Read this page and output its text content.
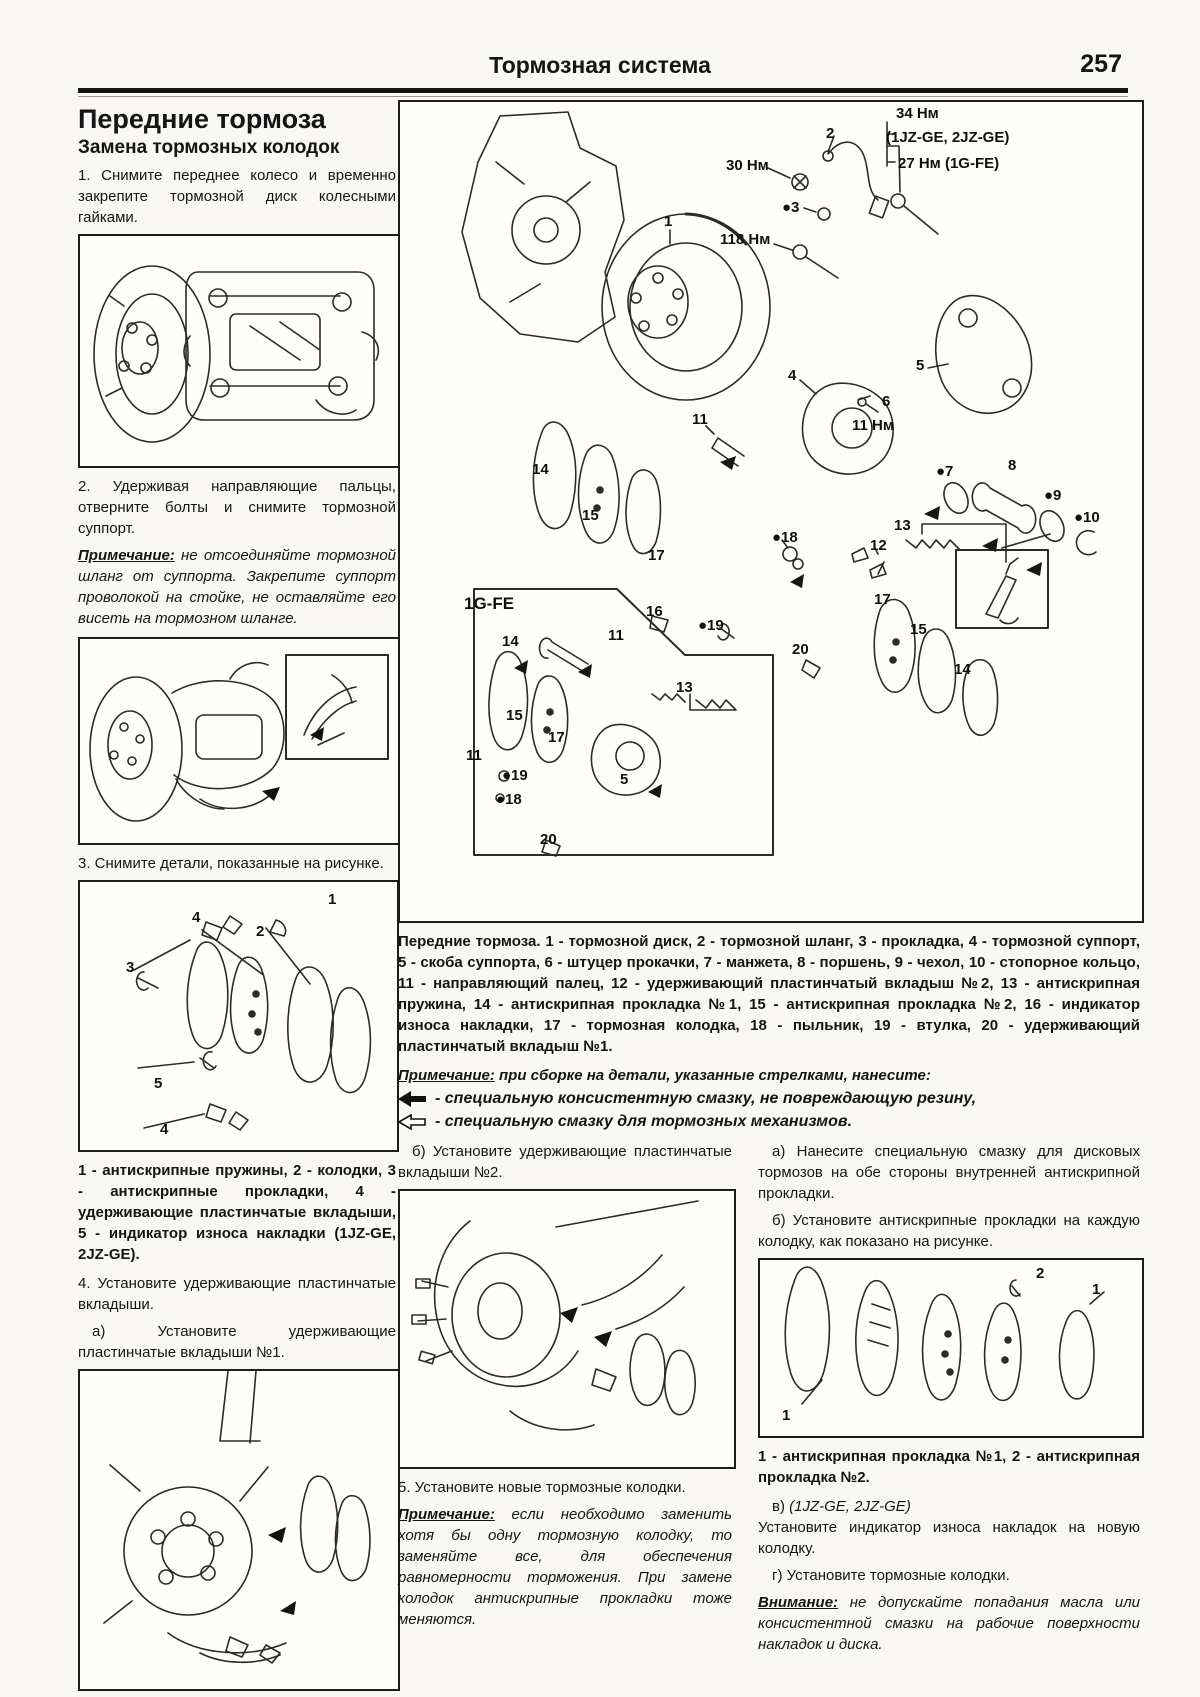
Тормозная система	257
Передние тормоза
Замена тормозных колодок

1. Снимите переднее колесо и временно закрепите тормозной диск колесными гайками.

2. Удерживая направляющие пальцы, отверните болты и снимите тормозной суппорт.

Примечание: не отсоединяйте тормозной шланг от суппорта. Закрепите суппорт проволокой на стойке, не оставляйте его висеть на тормозном шланге.

3. Снимите детали, показанные на рисунке.

4
1
2
3
5
4

1 - антискрипные пружины, 2 - колодки, 3 - антискрипные прокладки, 4 - удерживающие пластинчатые вкладыши, 5 - индикатор износа накладки (1JZ-GE, 2JZ-GE).

4. Установите удерживающие пластинчатые вкладыши.

а) Установите удерживающие пластинчатые вкладыши №1.

34 Нм
(1JZ-GE, 2JZ-GE)
27 Нм (1G-FE)
2
30 Нм
●3
1
118 Нм
4
6
11 Нм
11
●7	8
●9
●10
5
13
●18	12
14
15
17
16
1G-FE
14	11
15
17
11
●19
●18
5
20
13
●19
20
17
15
14

Передние тормоза. 1 - тормозной диск, 2 - тормозной шланг, 3 - прокладка, 4 - тормозной суппорт, 5 - скоба суппорта, 6 - штуцер прокачки, 7 - манжета, 8 - поршень, 9 - чехол, 10 - стопорное кольцо, 11 - направляющий палец, 12 - удерживающий пластинчатый вкладыш №2, 13 - антискрипная пружина, 14 - антискрипная прокладка №1, 15 - антискрипная прокладка №2, 16 - индикатор износа накладки, 17 - тормозная колодка, 18 - пыльник, 19 - втулка, 20 - удерживающий пластинчатый вкладыш №1.

Примечание: при сборке на детали, указанные стрелками, нанесите:

- специальную консистентную смазку, не повреждающую резину,
- специальную смазку для тормозных механизмов.

б) Установите удерживающие пластинчатые вкладыши №2.

5. Установите новые тормозные колодки.

Примечание: если необходимо заменить хотя бы одну тормозную колодку, то заменяйте все, для обеспечения равномерности торможения. При замене колодок антискрипные прокладки тоже меняются.

а) Нанесите специальную смазку для дисковых тормозов на обе стороны внутренней антискрипной прокладки.

б) Установите антискрипные прокладки на каждую колодку, как показано на рисунке.

2
1
1

1 - антискрипная прокладка №1, 2 - антискрипная прокладка №2.

в) (1JZ-GE, 2JZ-GE)

Установите индикатор износа накладок на новую колодку.

г) Установите тормозные колодки.

Внимание: не допускайте попадания масла или консистентной смазки на рабочие поверхности накладок и диска.
